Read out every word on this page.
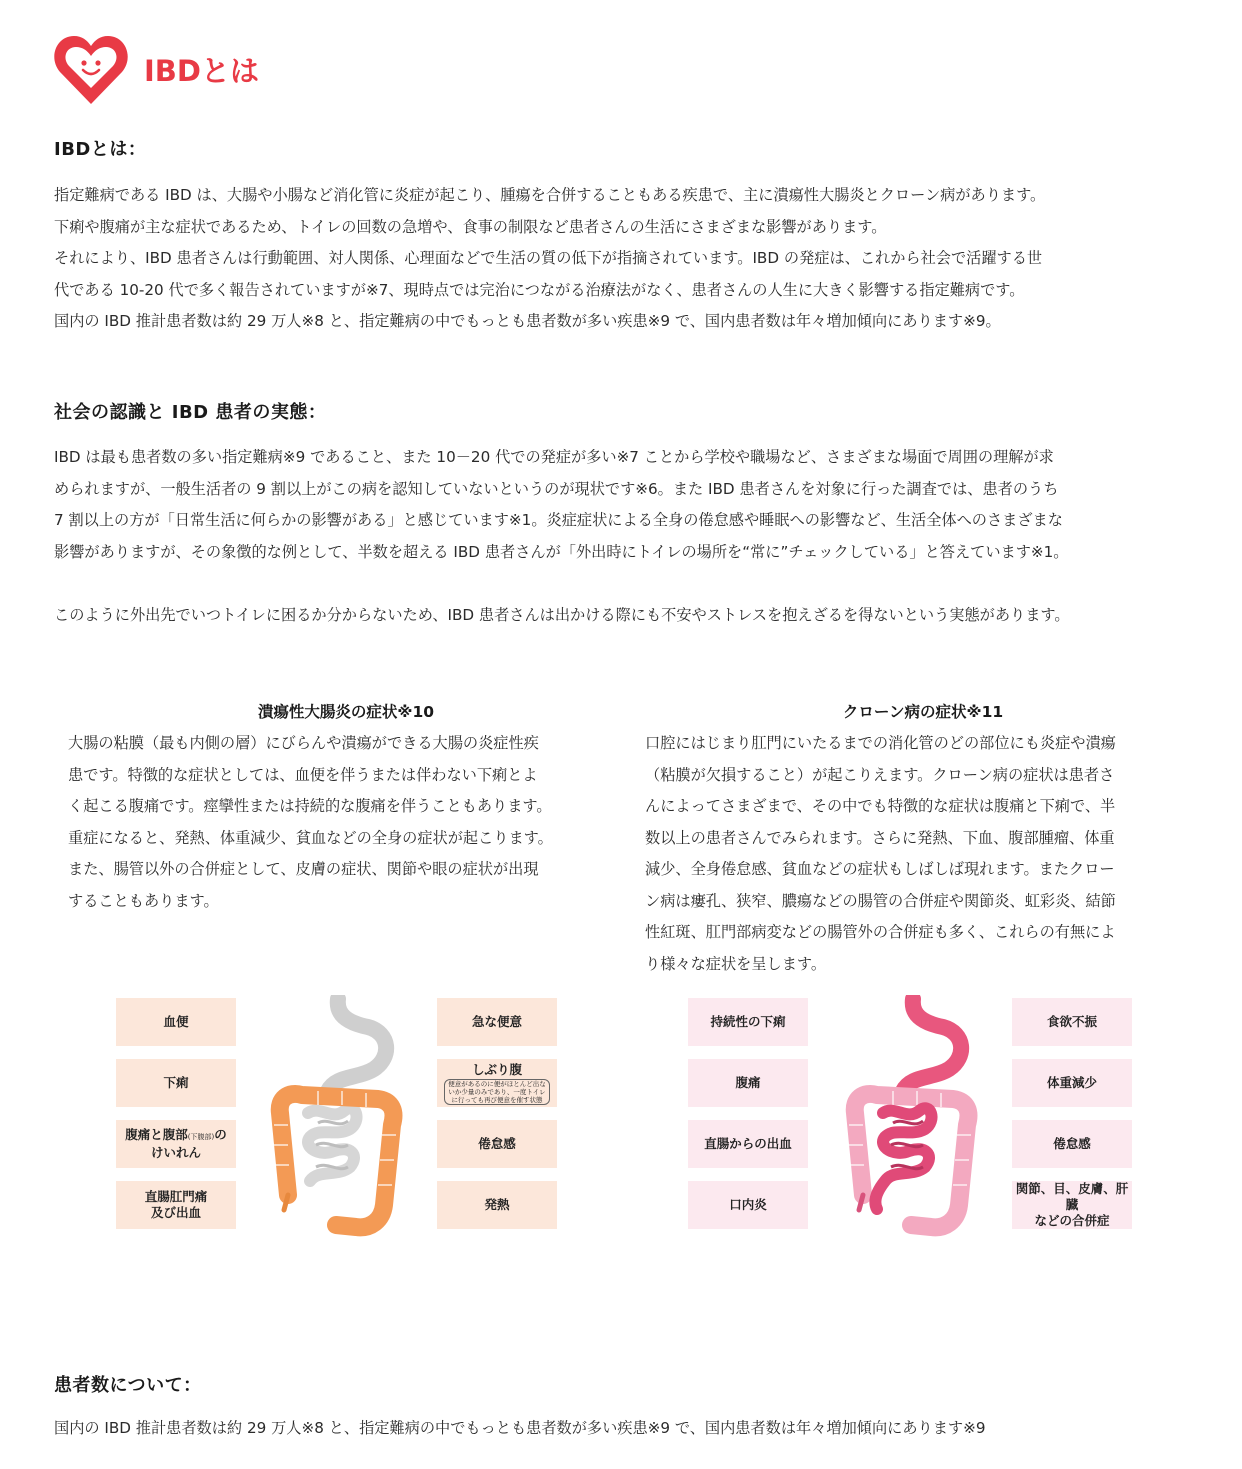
IBDとは
IBDとは：
指定難病である IBD は、大腸や小腸など消化管に炎症が起こり、腫瘍を合併することもある疾患で、主に潰瘍性大腸炎とクローン病があります。
下痢や腹痛が主な症状であるため、トイレの回数の急増や、食事の制限など患者さんの生活にさまざまな影響があります。
それにより、IBD 患者さんは行動範囲、対人関係、心理面などで生活の質の低下が指摘されています。IBD の発症は、これから社会で活躍する世
代である 10-20 代で多く報告されていますが※7、現時点では完治につながる治療法がなく、患者さんの人生に大きく影響する指定難病です。
国内の IBD 推計患者数は約 29 万人※8 と、指定難病の中でもっとも患者数が多い疾患※9 で、国内患者数は年々増加傾向にあります※9。
社会の認識と IBD 患者の実態：
IBD は最も患者数の多い指定難病※9 であること、また 10－20 代での発症が多い※7 ことから学校や職場など、さまざまな場面で周囲の理解が求
められますが、一般生活者の 9 割以上がこの病を認知していないというのが現状です※6。また IBD 患者さんを対象に行った調査では、患者のうち
7 割以上の方が「日常生活に何らかの影響がある」と感じています※1。炎症症状による全身の倦怠感や睡眠への影響など、生活全体へのさまざまな
影響がありますが、その象徴的な例として、半数を超える IBD 患者さんが「外出時にトイレの場所を“常に”チェックしている」と答えています※1。
このように外出先でいつトイレに困るか分からないため、IBD 患者さんは出かける際にも不安やストレスを抱えざるを得ないという実態があります。
潰瘍性大腸炎の症状※10
大腸の粘膜（最も内側の層）にびらんや潰瘍ができる大腸の炎症性疾
患です。特徴的な症状としては、血便を伴うまたは伴わない下痢とよ
く起こる腹痛です。痙攣性または持続的な腹痛を伴うこともあります。
重症になると、発熱、体重減少、貧血などの全身の症状が起こります。
また、腸管以外の合併症として、皮膚の症状、関節や眼の症状が出現
することもあります。
クローン病の症状※11
口腔にはじまり肛門にいたるまでの消化管のどの部位にも炎症や潰瘍
（粘膜が欠損すること）が起こりえます。クローン病の症状は患者さ
んによってさまざまで、その中でも特徴的な症状は腹痛と下痢で、半
数以上の患者さんでみられます。さらに発熱、下血、腹部腫瘤、体重
減少、全身倦怠感、貧血などの症状もしばしば現れます。またクロー
ン病は瘻孔、狭窄、膿瘍などの腸管の合併症や関節炎、虹彩炎、結節
性紅斑、肛門部病変などの腸管外の合併症も多く、これらの有無によ
り様々な症状を呈します。
血便
下痢
腹痛と腹部(下腹部)の
けいれん
直腸肛門痛
及び出血
急な便意
しぶり腹
便意があるのに便がほとんど出な
いか少量のみであり、一度トイレ
に行っても再び便意を催す状態
倦怠感
発熱
持続性の下痢
腹痛
直腸からの出血
口内炎
食欲不振
体重減少
倦怠感
関節、目、皮膚、肝臓
などの合併症
患者数について：
国内の IBD 推計患者数は約 29 万人※8 と、指定難病の中でもっとも患者数が多い疾患※9 で、国内患者数は年々増加傾向にあります※9
